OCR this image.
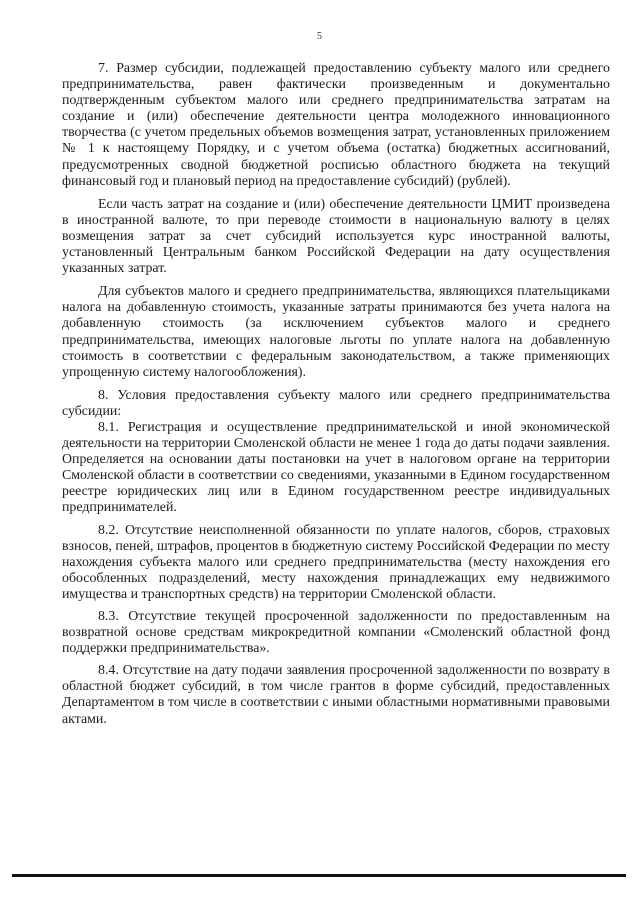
5

7. Размер субсидии, подлежащей предоставлению субъекту малого или среднего предпринимательства, равен фактически произведенным и документально подтвержденным субъектом малого или среднего предпринимательства затратам на создание и (или) обеспечение деятельности центра молодежного инновационного творчества (с учетом предельных объемов возмещения затрат, установленных приложением № 1 к настоящему Порядку, и с учетом объема (остатка) бюджетных ассигнований, предусмотренных сводной бюджетной росписью областного бюджета на текущий финансовый год и плановый период на предоставление субсидий) (рублей).

Если часть затрат на создание и (или) обеспечение деятельности ЦМИТ произведена в иностранной валюте, то при переводе стоимости в национальную валюту в целях возмещения затрат за счет субсидий используется курс иностранной валюты, установленный Центральным банком Российской Федерации на дату осуществления указанных затрат.

Для субъектов малого и среднего предпринимательства, являющихся плательщиками налога на добавленную стоимость, указанные затраты принимаются без учета налога на добавленную стоимость (за исключением субъектов малого и среднего предпринимательства, имеющих налоговые льготы по уплате налога на добавленную стоимость в соответствии с федеральным законодательством, а также применяющих упрощенную систему налогообложения).

8. Условия предоставления субъекту малого или среднего предпринимательства субсидии:

8.1. Регистрация и осуществление предпринимательской и иной экономической деятельности на территории Смоленской области не менее 1 года до даты подачи заявления. Определяется на основании даты постановки на учет в налоговом органе на территории Смоленской области в соответствии со сведениями, указанными в Едином государственном реестре юридических лиц или в Едином государственном реестре индивидуальных предпринимателей.

8.2. Отсутствие неисполненной обязанности по уплате налогов, сборов, страховых взносов, пеней, штрафов, процентов в бюджетную систему Российской Федерации по месту нахождения субъекта малого или среднего предпринимательства (месту нахождения его обособленных подразделений, месту нахождения принадлежащих ему недвижимого имущества и транспортных средств) на территории Смоленской области.

8.3. Отсутствие текущей просроченной задолженности по предоставленным на возвратной основе средствам микрокредитной компании «Смоленский областной фонд поддержки предпринимательства».

8.4. Отсутствие на дату подачи заявления просроченной задолженности по возврату в областной бюджет субсидий, в том числе грантов в форме субсидий, предоставленных Департаментом в том числе в соответствии с иными областными нормативными правовыми актами.
